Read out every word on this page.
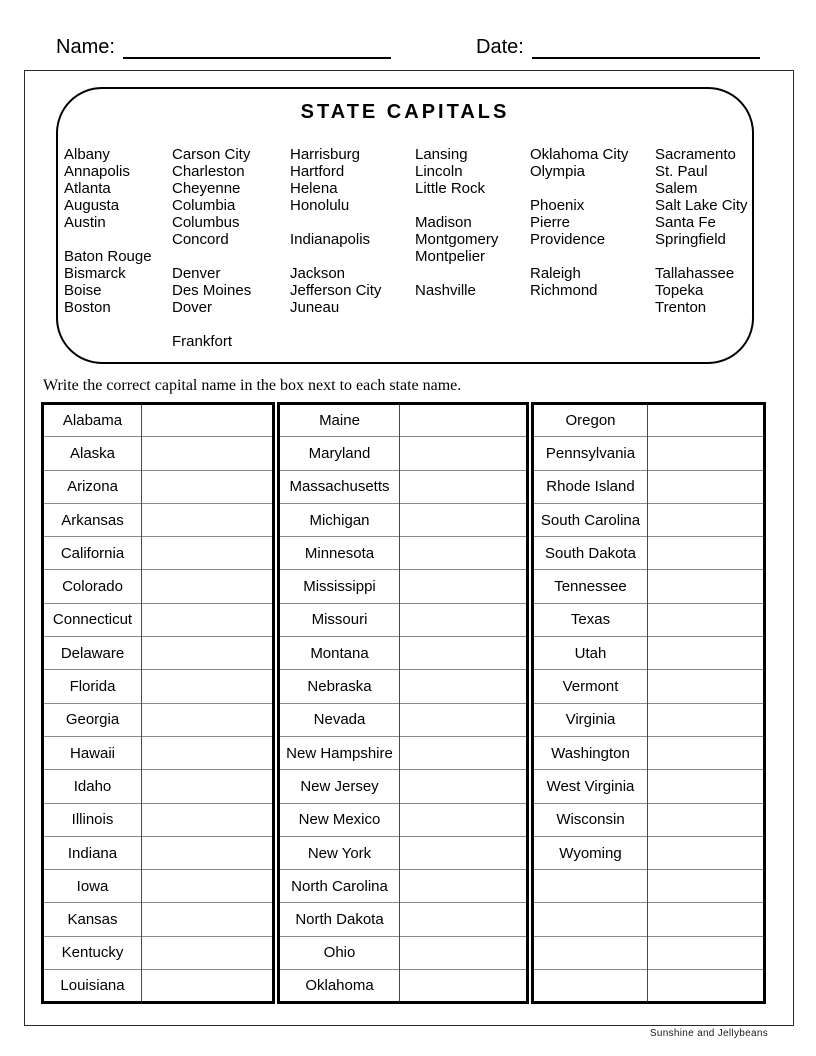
Name:	Date:
STATE CAPITALS
Albany
Annapolis
Atlanta
Augusta
Austin

Baton Rouge
Bismarck
Boise
Boston

Carson City
Charleston
Cheyenne
Columbia
Columbus
Concord

Denver
Des Moines
Dover

Frankfort
Harrisburg
Hartford
Helena
Honolulu

Indianapolis

Jackson
Jefferson City
Juneau

Lansing
Lincoln
Little Rock

Madison
Montgomery
Montpelier

Nashville

Oklahoma City
Olympia

Phoenix
Pierre
Providence

Raleigh
Richmond

Sacramento
St. Paul
Salem
Salt Lake City
Santa Fe
Springfield

Tallahassee
Topeka
Trenton

Write the correct capital name in the box next to each state name.
Alabama	
Alaska	
Arizona	
Arkansas	
California	
Colorado	
Connecticut	
Delaware	
Florida	
Georgia	
Hawaii	
Idaho	
Illinois	
Indiana	
Iowa	
Kansas	
Kentucky	
Louisiana	
Maine	
Maryland	
Massachusetts	
Michigan	
Minnesota	
Mississippi	
Missouri	
Montana	
Nebraska	
Nevada	
New Hampshire	
New Jersey	
New Mexico	
New York	
North Carolina	
North Dakota	
Ohio	
Oklahoma	
Oregon	
Pennsylvania	
Rhode Island	
South Carolina	
South Dakota	
Tennessee	
Texas	
Utah	
Vermont	
Virginia	
Washington	
West Virginia	
Wisconsin	
Wyoming	

Sunshine and Jellybeans
